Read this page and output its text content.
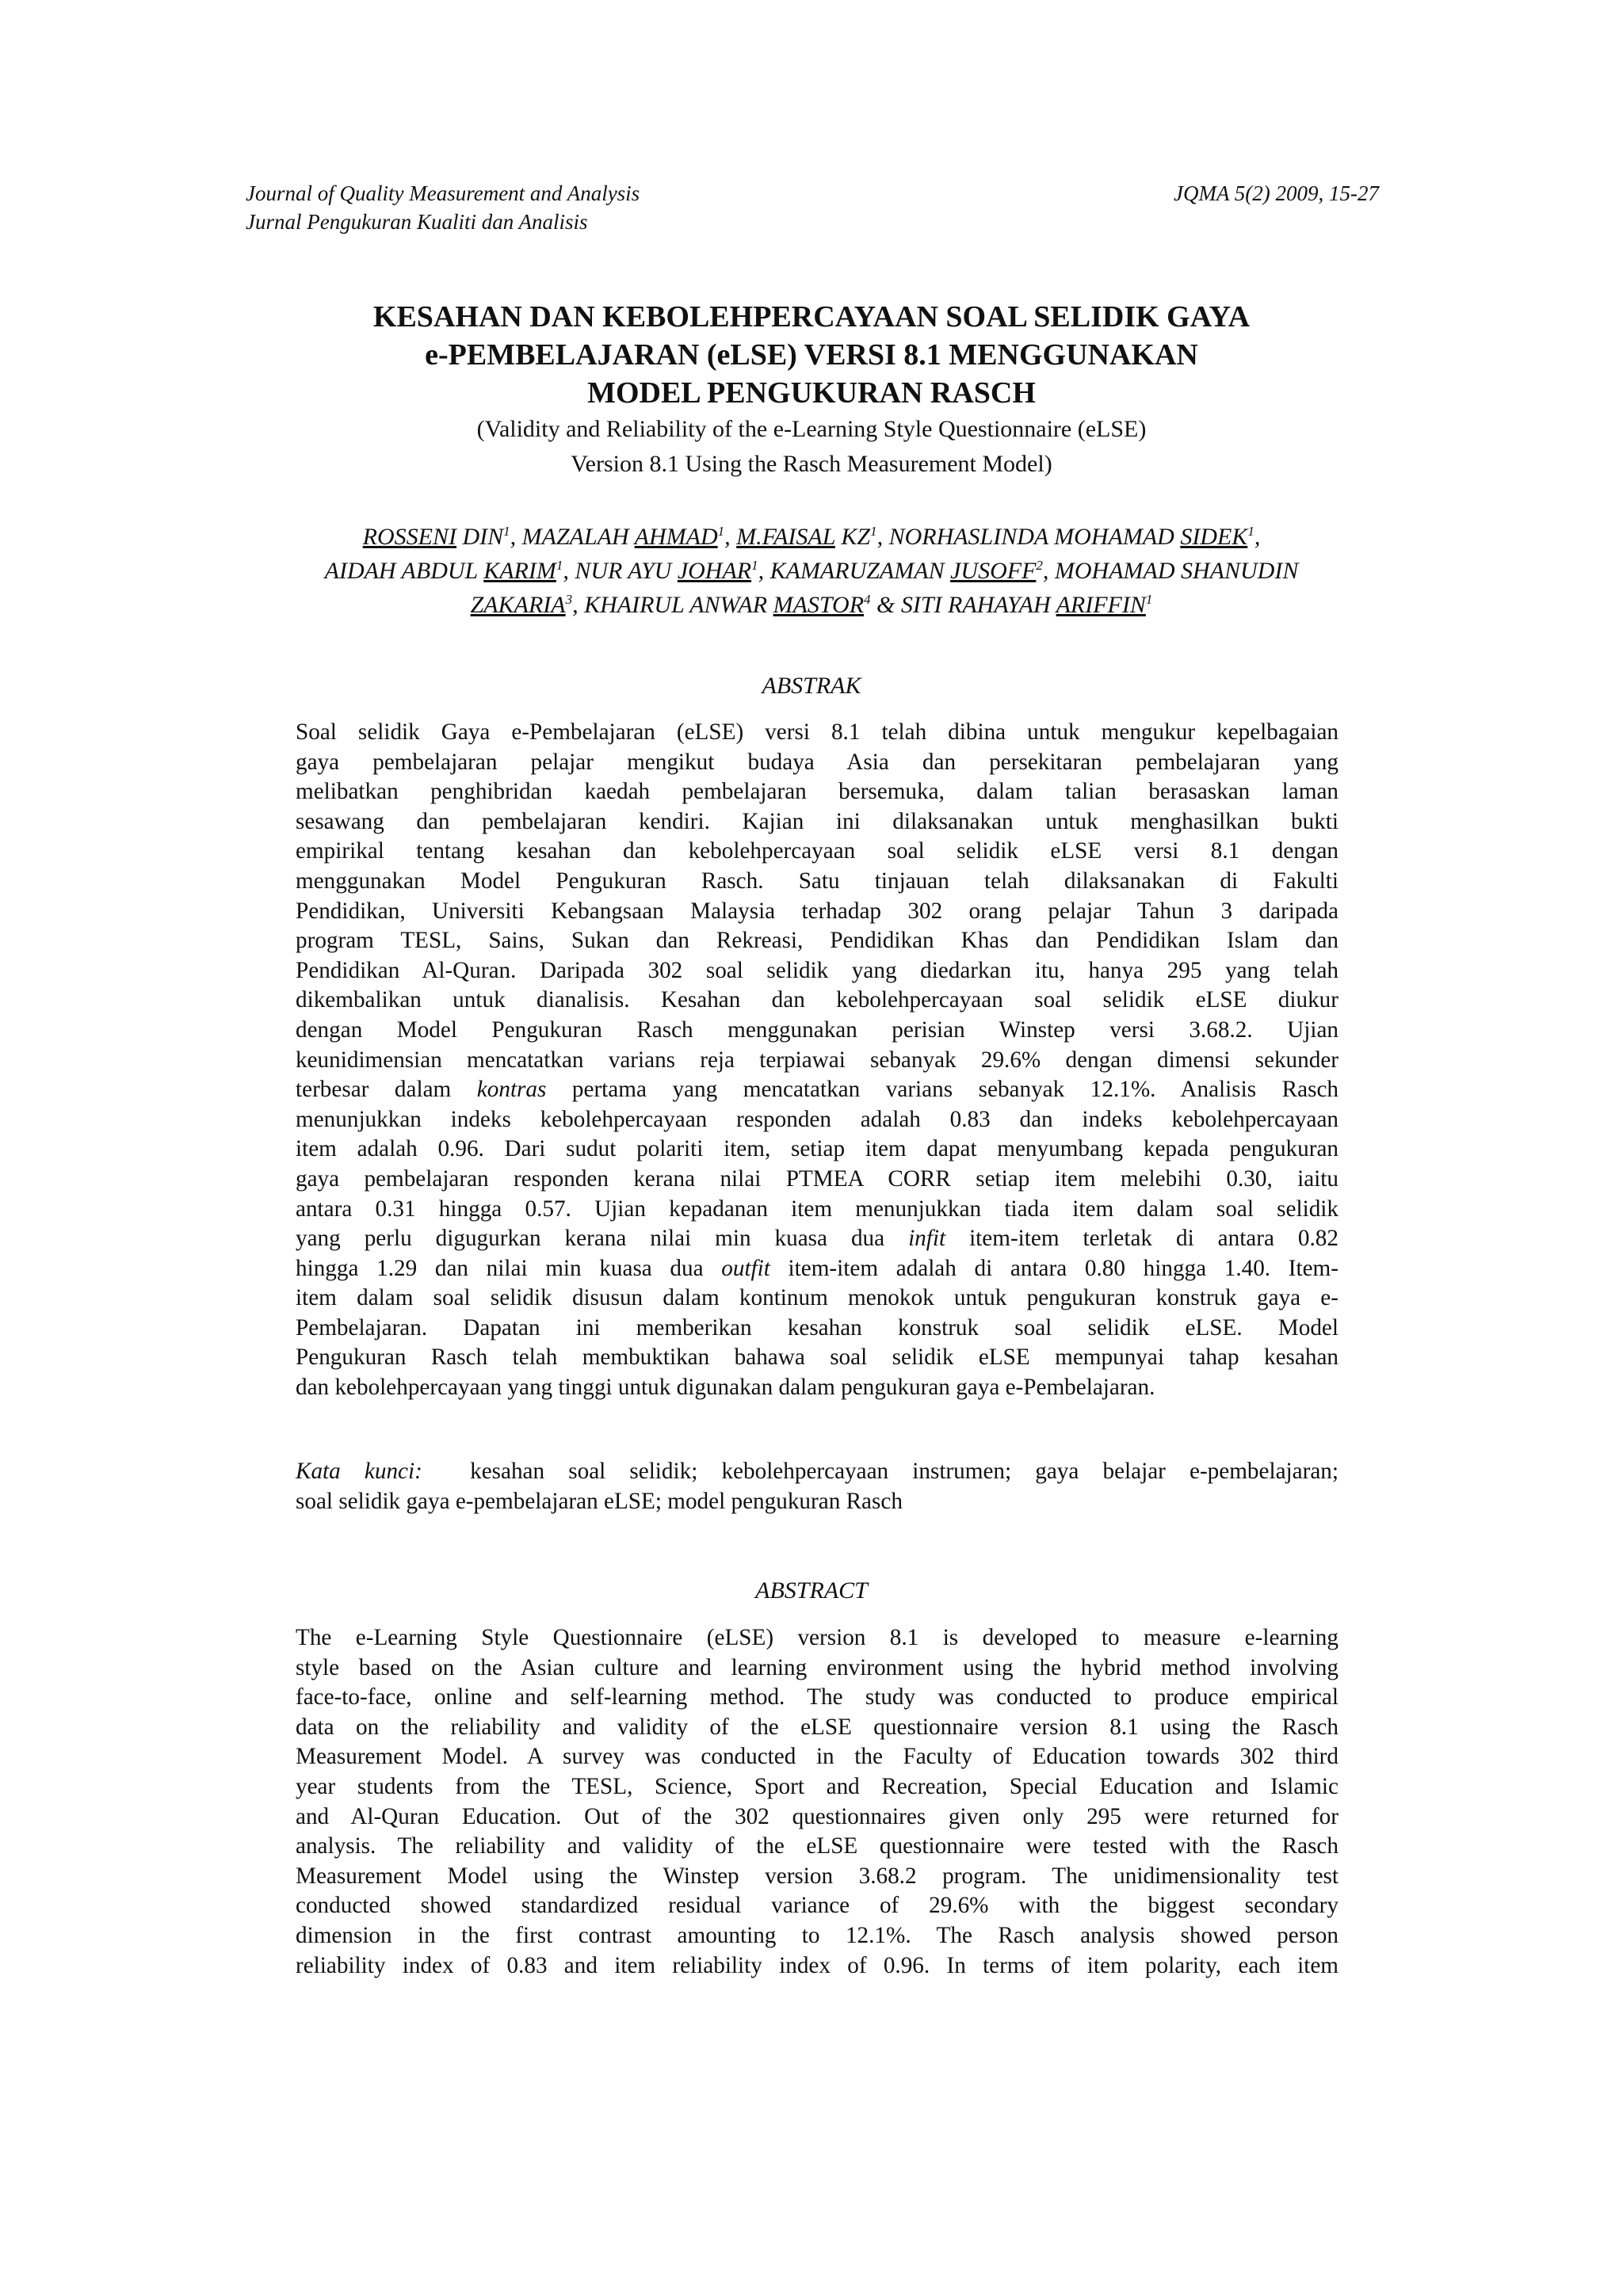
Journal of Quality Measurement and Analysis
Jurnal Pengukuran Kualiti dan Analisis
JQMA 5(2) 2009, 15-27
KESAHAN DAN KEBOLEHPERCAYAAN SOAL SELIDIK GAYA
e-PEMBELAJARAN (eLSE) VERSI 8.1 MENGGUNAKAN
MODEL PENGUKURAN RASCH
(Validity and Reliability of the e-Learning Style Questionnaire (eLSE)
Version 8.1 Using the Rasch Measurement Model)
ROSSENI DIN$^1$, MAZALAH AHMAD$^1$, M.FAISAL $KZ^1$, NORHASLINDA MOHAMAD SIDEK$^1$,
AIDAH ABDUL KARIM$^1$, NUR AYU JOHAR$^1$, KAMARUZAMAN JUSOFF$^2$, MOHAMAD SHANUDIN
ZAKARIA$^3$, KHAIRUL ANWAR MASTOR$^4$ & SITI RAHAYAH ARIFFIN$^1$
ABSTRAK
Soal selidik Gaya e-Pembelajaran (eLSE) versi 8.1 telah dibina untuk mengukur kepelbagaian
gaya pembelajaran pelajar mengikut budaya Asia dan persekitaran pembelajaran yang
melibatkan penghibridan kaedah pembelajaran bersemuka, dalam talian berasaskan laman
sesawang dan pembelajaran kendiri. Kajian ini dilaksanakan untuk menghasilkan bukti
empirikal tentang kesahan dan kebolehpercayaan soal selidik eLSE versi 8.1 dengan
menggunakan Model Pengukuran Rasch. Satu tinjauan telah dilaksanakan di Fakulti
Pendidikan, Universiti Kebangsaan Malaysia terhadap 302 orang pelajar Tahun 3 daripada
program TESL, Sains, Sukan dan Rekreasi, Pendidikan Khas dan Pendidikan Islam dan
Pendidikan Al-Quran. Daripada 302 soal selidik yang diedarkan itu, hanya 295 yang telah
dikembalikan untuk dianalisis. Kesahan dan kebolehpercayaan soal selidik eLSE diukur
dengan Model Pengukuran Rasch menggunakan perisian Winstep versi 3.68.2. Ujian
keunidimensian mencatatkan varians reja terpiawai sebanyak 29.6% dengan dimensi sekunder
terbesar dalam kontras pertama yang mencatatkan varians sebanyak 12.1%. Analisis Rasch
menunjukkan indeks kebolehpercayaan responden adalah 0.83 dan indeks kebolehpercayaan
item adalah 0.96. Dari sudut polariti item, setiap item dapat menyumbang kepada pengukuran
gaya pembelajaran responden kerana nilai PTMEA CORR setiap item melebihi 0.30, iaitu
antara 0.31 hingga 0.57. Ujian kepadanan item menunjukkan tiada item dalam soal selidik
yang perlu digugurkan kerana nilai min kuasa dua infit item-item terletak di antara 0.82
hingga 1.29 dan nilai min kuasa dua outfit item-item adalah di antara 0.80 hingga 1.40. Item-
item dalam soal selidik disusun dalam kontinum menokok untuk pengukuran konstruk gaya e-
Pembelajaran. Dapatan ini memberikan kesahan konstruk soal selidik eLSE. Model
Pengukuran Rasch telah membuktikan bahawa soal selidik eLSE mempunyai tahap kesahan
dan kebolehpercayaan yang tinggi untuk digunakan dalam pengukuran gaya e-Pembelajaran.
Kata kunci:  kesahan soal selidik; kebolehpercayaan instrumen; gaya belajar e-pembelajaran;
soal selidik gaya e-pembelajaran eLSE; model pengukuran Rasch
ABSTRACT
The e-Learning Style Questionnaire (eLSE) version 8.1 is developed to measure e-learning
style based on the Asian culture and learning environment using the hybrid method involving
face-to-face, online and self-learning method. The study was conducted to produce empirical
data on the reliability and validity of the eLSE questionnaire version 8.1 using the Rasch
Measurement Model. A survey was conducted in the Faculty of Education towards 302 third
year students from the TESL, Science, Sport and Recreation, Special Education and Islamic
and Al-Quran Education. Out of the 302 questionnaires given only 295 were returned for
analysis. The reliability and validity of the eLSE questionnaire were tested with the Rasch
Measurement Model using the Winstep version 3.68.2 program. The unidimensionality test
conducted showed standardized residual variance of 29.6% with the biggest secondary
dimension in the first contrast amounting to 12.1%. The Rasch analysis showed person
reliability index of 0.83 and item reliability index of 0.96. In terms of item polarity, each item
